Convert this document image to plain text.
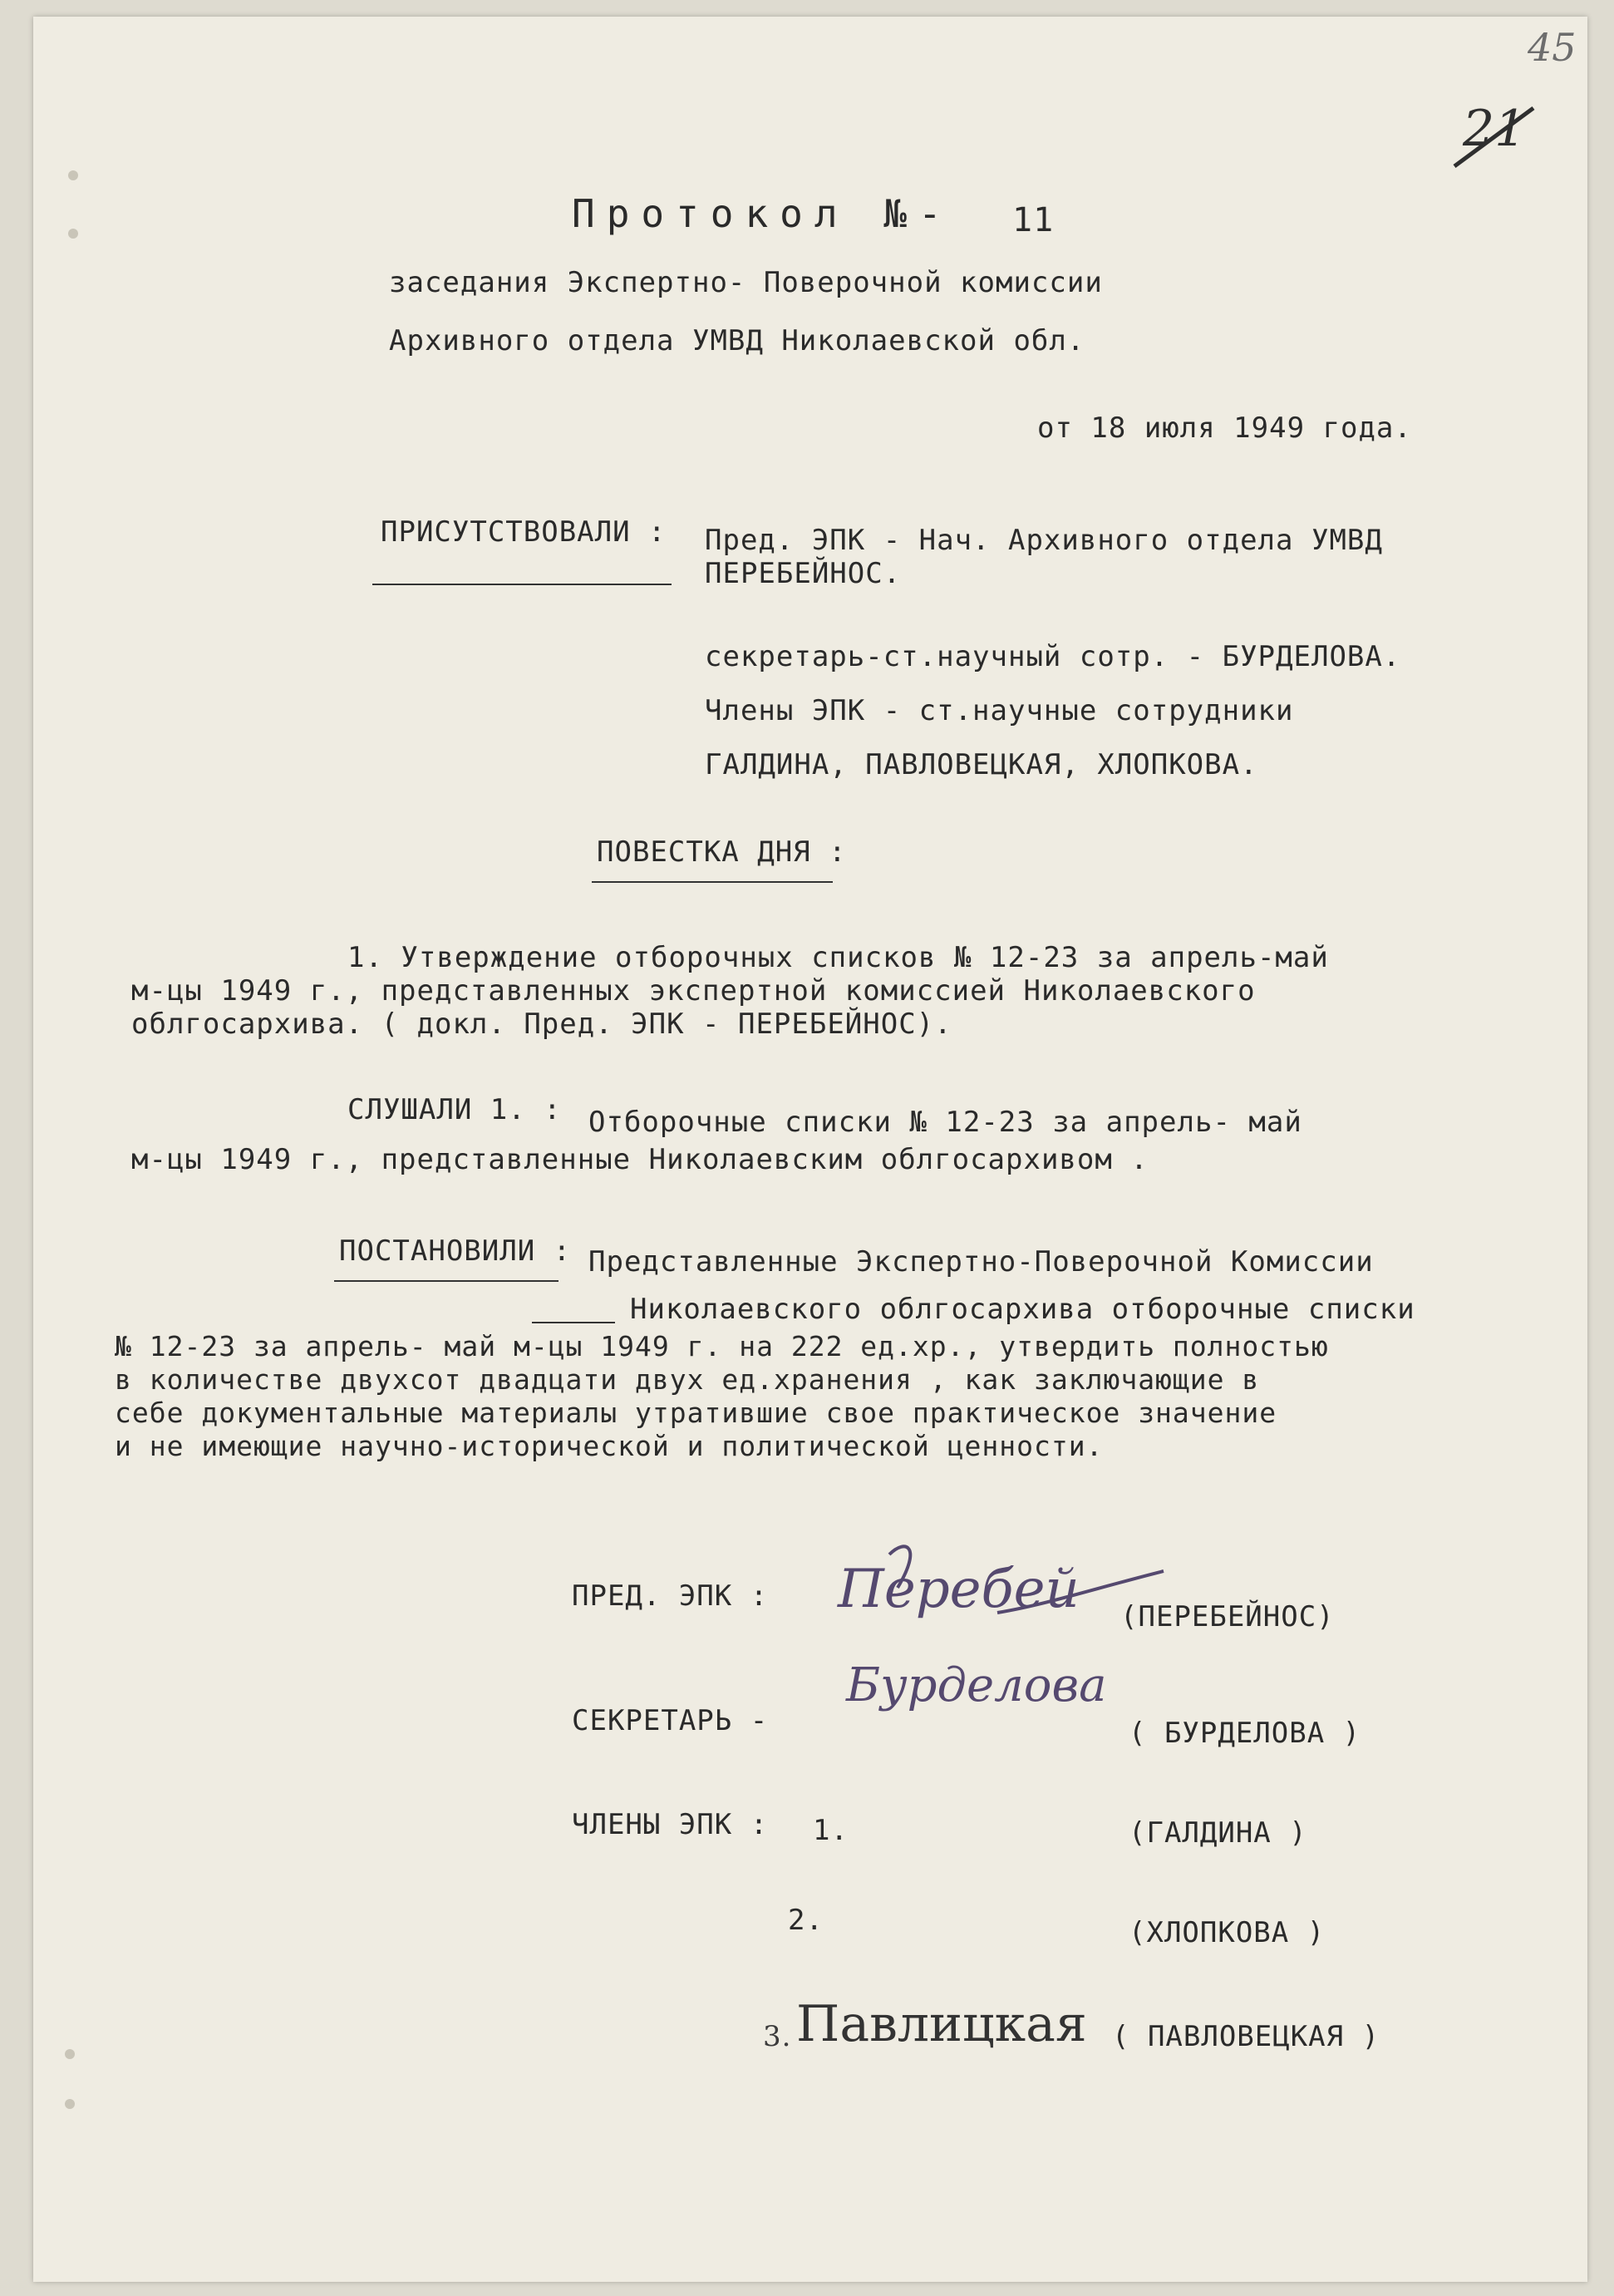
45
21
Протокол №- 11
заседания Экспертно- Поверочной комиссии
Архивного отдела УМВД Николаевской обл.
от 18 июля 1949 года.
ПРИСУТСТВОВАЛИ : Пред. ЭПК - Нач. Архивного отдела УМВД
ПЕРЕБЕЙНОС.
секретарь-ст.научный сотр. - БУРДЕЛОВА.
Члены ЭПК - ст.научные сотрудники
ГАЛДИНА, ПАВЛОВЕЦКАЯ, ХЛОПКОВА.
ПОВЕСТКА ДНЯ :
1. Утверждение отборочных списков № 12-23 за апрель-май
м-цы 1949 г., представленных экспертной комиссией Николаевского
облгосархива. ( докл. Пред. ЭПК - ПЕРЕБЕЙНОС).
СЛУШАЛИ 1. : Отборочные списки № 12-23 за апрель- май
м-цы 1949 г., представленные Николаевским облгосархивом .
ПОСТАНОВИЛИ : Представленные Экспертно-Поверочной Комиссии
Николаевского облгосархива отборочные списки
№ 12-23 за апрель- май м-цы 1949 г. на 222 ед.хр., утвердить полностью
в количестве двухсот двадцати двух ед.хранения , как заключающие в
себе документальные материалы утратившие свое практическое значение
и не имеющие научно-исторической и политической ценности.
ПРЕД. ЭПК : Перебей (ПЕРЕБЕЙНОС)
СЕКРЕТАРЬ -
Бурделова
( БУРДЕЛОВА )
ЧЛЕНЫ ЭПК : 1.	(ГАЛДИНА )
2.	(ХЛОПКОВА )
3. Павлицкая ( ПАВЛОВЕЦКАЯ )
